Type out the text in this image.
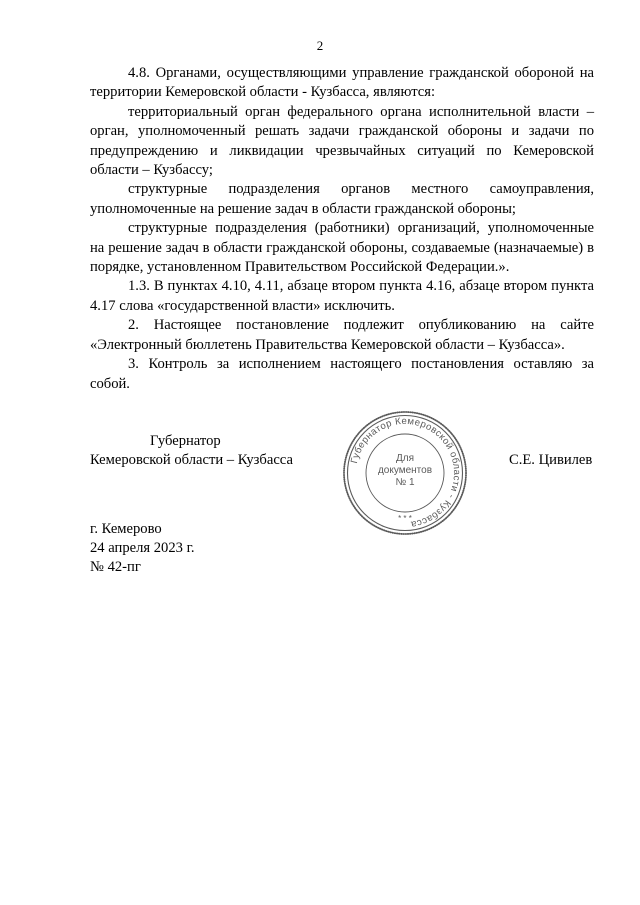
2

4.8. Органами, осуществляющими управление гражданской обороной на территории Кемеровской области - Кузбасса, являются:

территориальный орган федерального органа исполнительной власти – орган, уполномоченный решать задачи гражданской обороны и задачи по предупреждению и ликвидации чрезвычайных ситуаций по Кемеровской области – Кузбассу;

структурные подразделения органов местного самоуправления, уполномоченные на решение задач в области гражданской обороны;

структурные подразделения (работники) организаций, уполномоченные на решение задач в области гражданской обороны, создаваемые (назначаемые) в порядке, установленном Правительством Российской Федерации.».

1.3. В пунктах 4.10, 4.11, абзаце втором пункта 4.16, абзаце втором пункта 4.17 слова «государственной власти» исключить.

2. Настоящее постановление подлежит опубликованию на сайте «Электронный бюллетень Правительства Кемеровской области – Кузбасса».

3. Контроль за исполнением настоящего постановления оставляю за собой.

Губернатор
Кемеровской области – Кузбасса	С.Е. Цивилев
Губернатор Кемеровской области - Кузбасса
Для
документов
№ 1
* * *
г. Кемерово
24 апреля 2023 г.
№ 42-пг
